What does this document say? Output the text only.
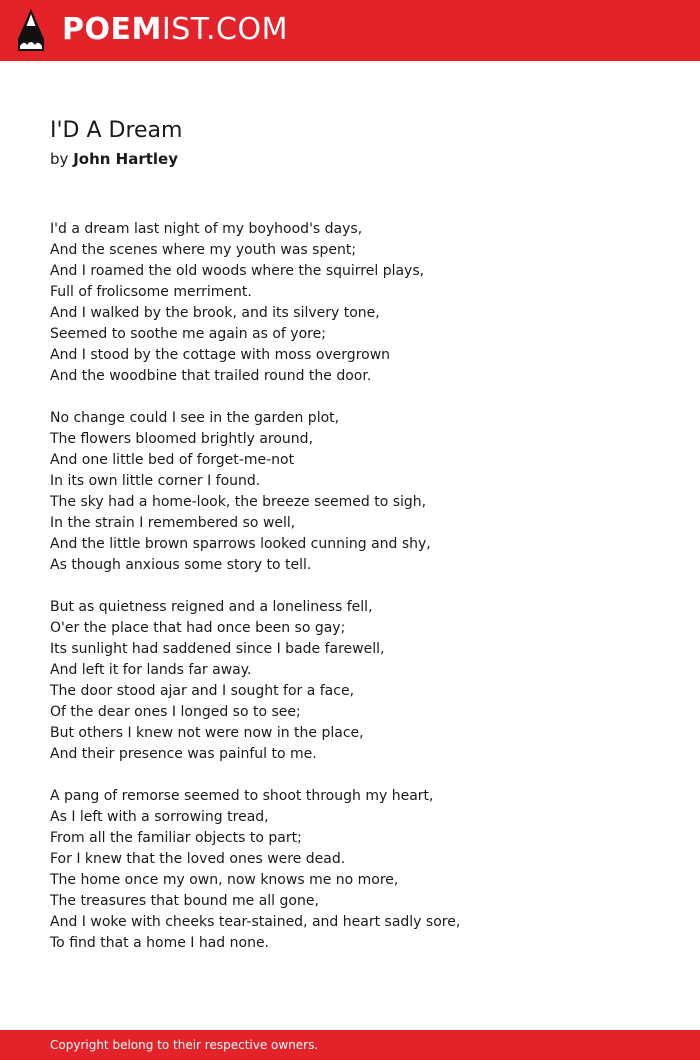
POEMIST.COM
I'D A Dream
by John Hartley
I'd a dream last night of my boyhood's days,
And the scenes where my youth was spent;
And I roamed the old woods where the squirrel plays,
Full of frolicsome merriment.
And I walked by the brook, and its silvery tone,
Seemed to soothe me again as of yore;
And I stood by the cottage with moss overgrown
And the woodbine that trailed round the door.
No change could I see in the garden plot,
The flowers bloomed brightly around,
And one little bed of forget-me-not
In its own little corner I found.
The sky had a home-look, the breeze seemed to sigh,
In the strain I remembered so well,
And the little brown sparrows looked cunning and shy,
As though anxious some story to tell.
But as quietness reigned and a loneliness fell,
O'er the place that had once been so gay;
Its sunlight had saddened since I bade farewell,
And left it for lands far away.
The door stood ajar and I sought for a face,
Of the dear ones I longed so to see;
But others I knew not were now in the place,
And their presence was painful to me.
A pang of remorse seemed to shoot through my heart,
As I left with a sorrowing tread,
From all the familiar objects to part;
For I knew that the loved ones were dead.
The home once my own, now knows me no more,
The treasures that bound me all gone,
And I woke with cheeks tear-stained, and heart sadly sore,
To find that a home I had none.
Copyright belong to their respective owners.
